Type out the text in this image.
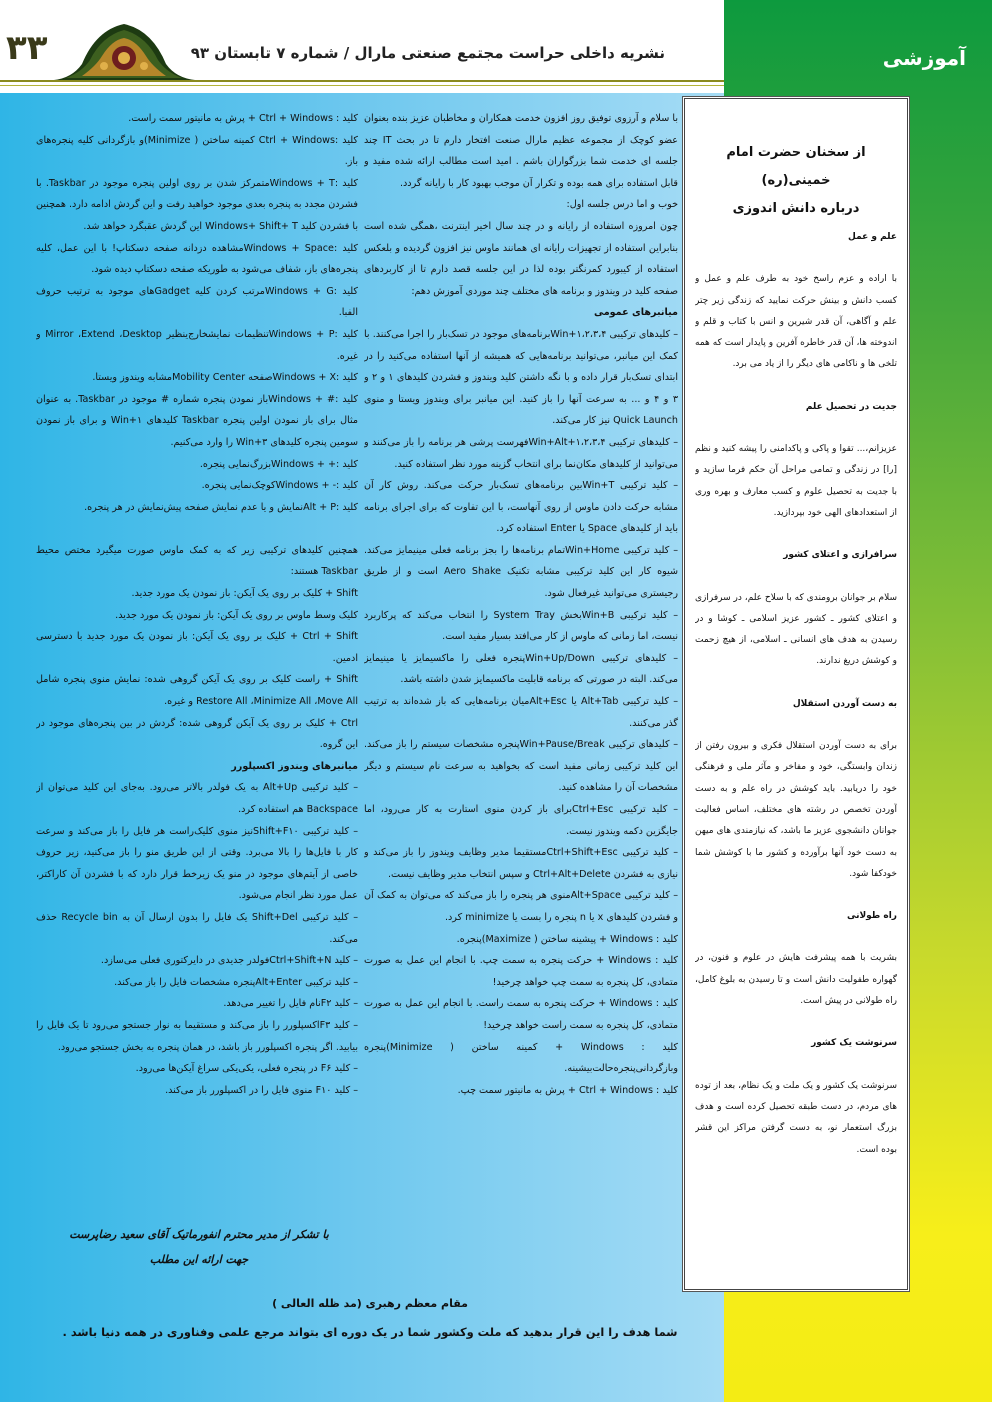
آموزشی
۳۳	نشریه داخلی حراست مجتمع صنعتی مارال / شماره ۷ تابستان ۹۳

با سلام و آرزوی توفیق روز افزون خدمت همکاران و مخاطبان عزیز بنده بعنوان عضو کوچک از مجموعه عظیم مارال صنعت افتخار دارم تا در بحث IT چند جلسه ای خدمت شما بزرگواران باشم . امید است مطالب ارائه شده مفید و قابل استفاده برای همه بوده و تکرار آن موجب بهبود کار با رایانه گردد.

خوب و اما درس جلسه اول:

چون امروزه استفاده از رایانه و در چند سال اخیر اینترنت ،همگی شده است بنابراین استفاده از تجهیزات رایانه ای همانند ماوس نیز افزون گردیده و بلعکس استفاده از کیبورد کمرنگتر بوده لذا در این جلسه قصد دارم تا از کاربردهای صفحه کلید در ویندوز و برنامه های مختلف چند موردی آموزش دهم:

میانبرهای عمومی

– کلیدهای ترکیبی Win+۱،۲،۳،۴برنامه‌های موجود در تسک‌بار را اجرا می‌کنند. با کمک این میانبر، می‌توانید برنامه‌هایی که همیشه از آنها استفاده می‌کنید را در ابتدای تسک‌بار قرار داده و با نگه داشتن کلید ویندوز و فشردن کلیدهای ۱ و ۲ و ۳ و ۴ و ... به سرعت آنها را باز کنید. این میانبر برای ویندوز ویستا و منوی Quick Launch نیز کار می‌کند.

– کلیدهای ترکیبی Win+Alt+۱،۲،۳،۴فهرست پرشی هر برنامه را باز می‌کنند و می‌توانید از کلیدهای مکان‌نما برای انتخاب گزینه مورد نظر استفاده کنید.

– کلید ترکیبی Win+Tبین برنامه‌های تسک‌بار حرکت می‌کند. روش کار آن مشابه حرکت دادن ماوس از روی آنهاست، با این تفاوت که برای اجرای برنامه باید از کلیدهای Space یا Enter استفاده کرد.

– کلید ترکیبی Win+Homeتمام برنامه‌ها را بجز برنامه فعلی مینیمایز می‌کند. شیوه کار این کلید ترکیبی مشابه تکنیک Aero Shake است و از طریق رجیستری می‌توانید غیرفعال شود.

– کلید ترکیبی Win+Bبخش System Tray را انتخاب می‌کند که پرکاربرد نیست، اما زمانی که ماوس از کار می‌افتد بسیار مفید است.

– کلیدهای ترکیبی Win+Up/Downپنجره فعلی را ماکسیمایز یا مینیمایز می‌کند. البته در صورتی که برنامه قابلیت ماکسیمایز شدن داشته باشد.

– کلید ترکیبی Alt+Tab یا Alt+Escمیان برنامه‌هایی که باز شده‌اند به ترتیب گذر می‌کنند.

– کلیدهای ترکیبی Win+Pause/Breakپنجره مشخصات سیستم را باز می‌کند. این کلید ترکیبی زمانی مفید است که بخواهید به سرعت نام سیستم و دیگر مشخصات آن را مشاهده کنید.

– کلید ترکیبی Ctrl+Escبرای باز کردن منوی استارت به کار می‌رود، اما جایگزین دکمه ویندوز نیست.

– کلید ترکیبی Ctrl+Shift+Escمستقیما مدیر وظایف ویندوز را باز می‌کند و نیازی به فشردن Ctrl+Alt+Delete و سپس انتخاب مدیر وظایف نیست.

– کلید ترکیبی Alt+Spaceمنوی هر پنجره را باز می‌کند که می‌توان به کمک آن و فشردن کلیدهای x یا n پنجره را بست یا minimize کرد.

کلید : Windows + پیشینه ساختن ( Maximize)پنجره.

کلید : Windows + حرکت پنجره به سمت چپ. با انجام این عمل به صورت متمادی، کل پنجره به سمت چپ خواهد چرخید!

کلید : Windows + حرکت پنجره به سمت راست. با انجام این عمل به صورت متمادی، کل پنجره به سمت راست خواهد چرخید!

کلید : Windows + کمینه ساختن ( Minimize)پنجره وبازگردانی‌پنجره‌حالت‌بیشینه.

کلید : Ctrl + Windows + پرش به مانیتور سمت چپ.

کلید : Ctrl + Windows + پرش به مانیتور سمت راست.

کلید :Ctrl + Windows کمینه ساختن ( Minimize)و بازگردانی کلیه پنجره‌های باز.

کلید :Windows + Tمتمرکز شدن بر روی اولین پنجره موجود در Taskbar. با فشردن مجدد به پنجره بعدی موجود خواهید رفت و این گردش ادامه دارد. همچنین با فشردن کلید Windows+ Shift+ T این گردش عقبگرد خواهد شد.

کلید :Windows + Spaceمشاهده دزدانه صفحه دسکتاپ! با این عمل، کلیه پنجره‌های باز، شفاف می‌شود به طوریکه صفحه دسکتاپ دیده شود.

کلید :Windows + Gمرتب کردن کلیه Gadgetهای موجود به ترتیب حروف الفبا.

کلید :Windows + Pتنظیمات نمایشخارج‌ینظیر Mirror ،Extend ،Desktop و غیره.

کلید :Windows + Xصفحه Mobility Centerمشابه ویندوز ویستا.

کلید :# + Windowsباز نمودن پنجره شماره # موجود در Taskbar. به عنوان مثال برای باز نمودن اولین پنجره Taskbar کلیدهای Win+۱ و برای باز نمودن سومین پنجره کلیدهای Win+۳ را وارد می‌کنیم.

کلید :+ + Windowsبزرگ‌نمایی پنجره.

کلید :- + Windowsکوچک‌نمایی پنجره.

کلید :Alt + Pنمایش و یا عدم نمایش صفحه پیش‌نمایش در هر پنجره.

همچنین کلیدهای ترکیبی زیر که به کمک ماوس صورت میگیرد مختص محیط Taskbar هستند:

Shift + کلیک بر روی یک آیکن: باز نمودن یک مورد جدید.

کلیک وسط ماوس بر روی یک آیکن: باز نمودن یک مورد جدید.

Ctrl + Shift + کلیک بر روی یک آیکن: باز نمودن یک مورد جدید با دسترسی ادمین.

Shift + راست کلیک بر روی یک آیکن گروهی شده: نمایش منوی پنجره شامل Restore All ،Minimize All ،Move All و غیره.

Ctrl + کلیک بر روی یک آیکن گروهی شده: گردش در بین پنجره‌های موجود در این گروه.

میانبرهای ویندوز اکسپلورر

– کلید ترکیبی Alt+Up به یک فولدر بالاتر می‌رود. به‌جای این کلید می‌توان از Backspace هم استفاده کرد.

– کلید ترکیبی Shift+F۱۰نیز منوی کلیک‌راست هر فایل را باز می‌کند و سرعت کار با فایل‌ها را بالا می‌برد. وقتی از این طریق منو را باز می‌کنید، زیر حروف خاصی از آیتم‌های موجود در منو یک زیرخط قرار دارد که با فشردن آن کاراکتر، عمل مورد نظر انجام می‌شود.

– کلید ترکیبی Shift+Del یک فایل را بدون ارسال آن به Recycle bin حذف می‌کند.

– کلید Ctrl+Shift+Nفولدر جدیدی در دایرکتوری فعلی می‌سازد.

– کلید ترکیبی Alt+Enterپنجره مشخصات فایل را باز می‌کند.

– کلید F۲نام فایل را تغییر می‌دهد.

– کلید F۳اکسپلورر را باز می‌کند و مستقیما به نوار جستجو می‌رود تا یک فایل را بیابید. اگر پنجره اکسپلورر باز باشد، در همان پنجره به بخش جستجو می‌رود.

– کلید F۶ در پنجره فعلی، یکی‌یکی سراغ آیکن‌ها می‌رود.

– کلید F۱۰ منوی فایل را در اکسپلورر باز می‌کند.

با تشکر از مدیر محترم انفورماتیک آقای سعید رضاپرست
جهت ارائه این مطلب
مقام معظم رهبری (مد ظله العالی )
شما هدف را این قرار بدهید که ملت وکشور شما در یک دوره ای بتواند مرجع علمی وفناوری در همه دنیا باشد .
از سخنان حضرت امام خمینی(ره)
درباره دانش اندوزی
علم و عمل

با اراده و عزم راسخ خود به طرف علم و عمل و کسب دانش و بینش حرکت نمایید که زندگی زیر چتر علم و آگاهی، آن قدر شیرین و انس با کتاب و قلم و اندوخته ها، آن قدر خاطره آفرین و پایدار است که همه تلخی ها و ناکامی های دیگر را از یاد می برد.

جدیت در تحصیل علم

عزیزانم،... تقوا و پاکی و پاکدامنی را پیشه کنید و نظم [را] در زندگی و تمامی مراحل آن حکم فرما سازید و با جدیت به تحصیل علوم و کسب معارف و بهره وری از استعدادهای الهی خود بپردازید.

سرافرازی و اعتلای کشور

سلام بر جوانان برومندی که با سلاح علم، در سرفرازی و اعتلای کشور ـ کشور عزیز اسلامی ـ کوشا و در رسیدن به هدف های انسانی ـ اسلامی، از هیچ زحمت و کوشش دریغ ندارند.

به دست آوردن استقلال

برای به دست آوردن استقلال فکری و بیرون رفتن از زندان وابستگی، خود و مفاخر و مآثر ملی و فرهنگی خود را دریابید. باید کوشش در راه علم و به دست آوردن تخصص در رشته های مختلف، اساس فعالیت جوانان دانشجوی عزیز ما باشد، که نیازمندی های میهن به دست خود آنها برآورده و کشور ما با کوشش شما خودکفا شود.

راه طولانی

بشریت با همه پیشرفت هایش در علوم و فنون، در گهواره طفولیت دانش است و تا رسیدن به بلوغ کامل، راه طولانی در پیش است.

سرنوشت یک کشور

سرنوشت یک کشور و یک ملت و یک نظام، بعد از توده های مردم، در دست طبقه تحصیل کرده است و هدف بزرگ استعمار نو، به دست گرفتن مراکز این قشر بوده است.
